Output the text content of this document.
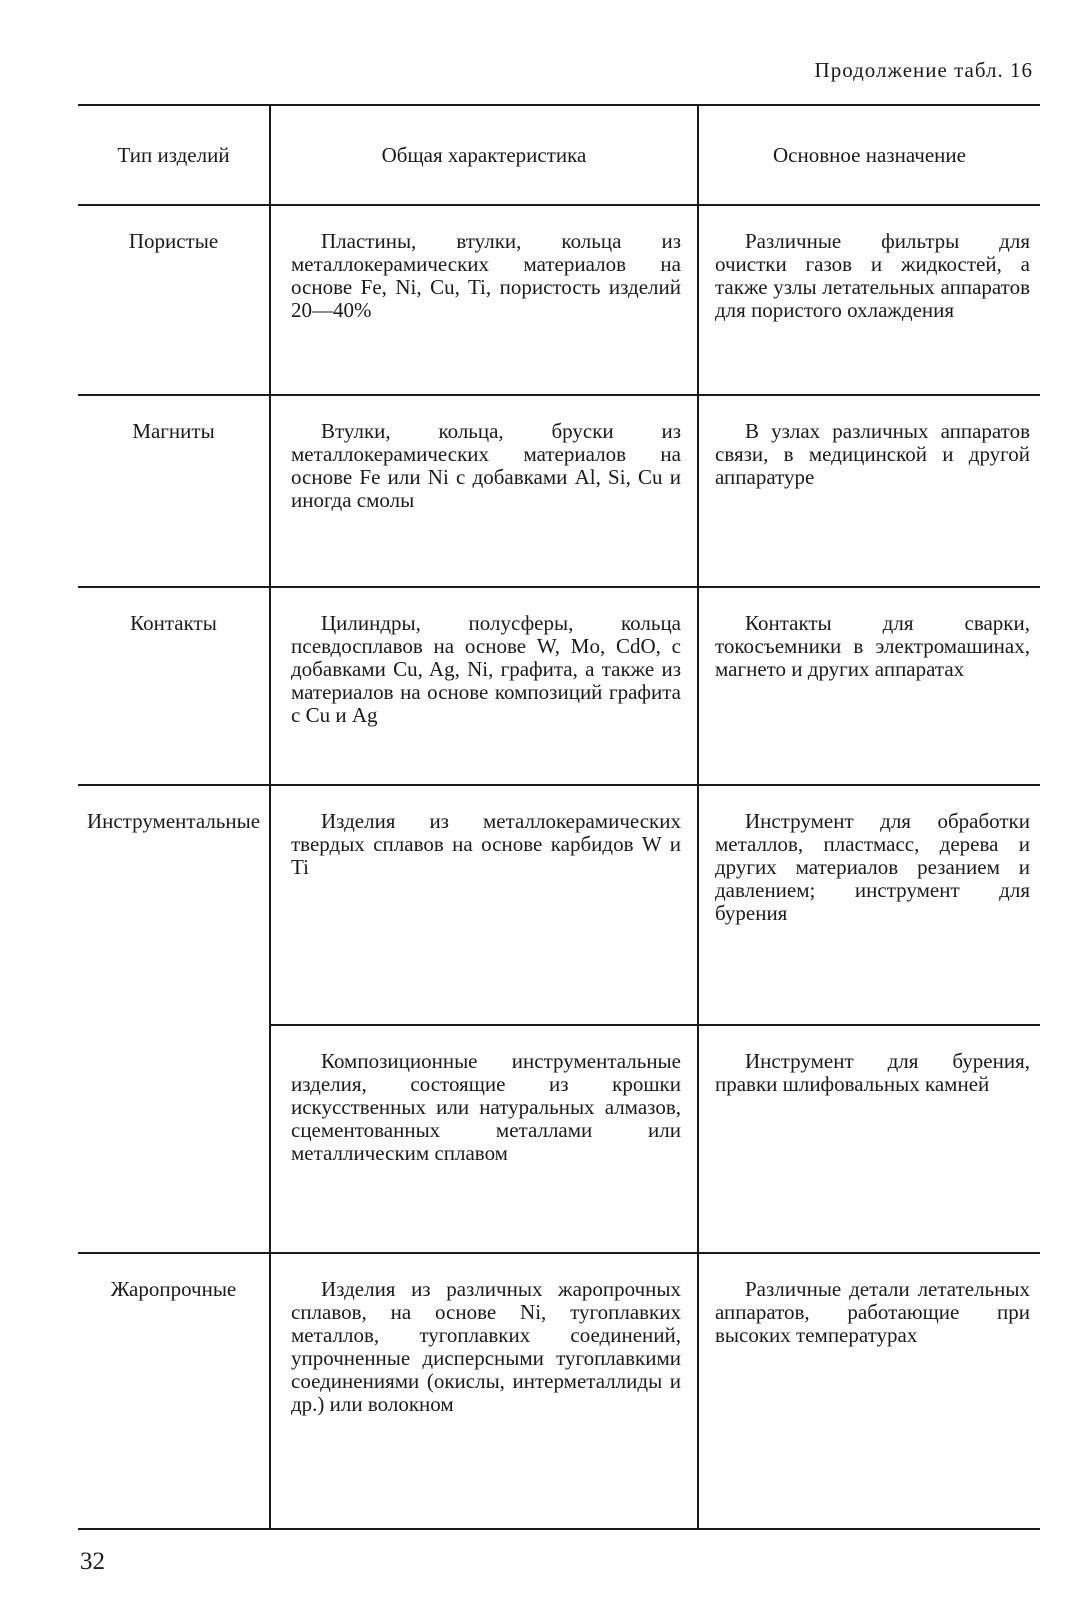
Продолжение табл. 16
Тип изделий	Общая характеристика	Основное назначение
Пористые	Пластины, втулки, кольца из металлокерамических материалов на основе Fe, Ni, Cu, Ti, пористость изделий 20—40%	Различные фильтры для очистки газов и жидкостей, а также узлы летательных аппаратов для пористого охлаждения
Магниты	Втулки, кольца, бруски из металлокерамических материалов на основе Fe или Ni с добавками Al, Si, Cu и иногда смолы	В узлах различных аппаратов связи, в медицинской и другой аппаратуре
Контакты	Цилиндры, полусферы, кольца псевдосплавов на основе W, Mo, CdO, с добавками Cu, Ag, Ni, графита, а также из материалов на основе композиций графита с Cu и Ag	Контакты для сварки, токосъемники в электромашинах, магнето и других аппаратах
Инструментальные	Изделия из металлокерамических твердых сплавов на основе карбидов W и Ti	Инструмент для обработки металлов, пластмасс, дерева и других материалов резанием и давлением; инструмент для бурения
	Композиционные инструментальные изделия, состоящие из крошки искусственных или натуральных алмазов, сцементованных металлами или металлическим сплавом	Инструмент для бурения, правки шлифовальных камней
Жаропрочные	Изделия из различных жаропрочных сплавов, на основе Ni, тугоплавких металлов, тугоплавких соединений, упрочненные дисперсными тугоплавкими соединениями (окислы, интерметаллиды и др.) или волокном	Различные детали летательных аппаратов, работающие при высоких температурах
32
